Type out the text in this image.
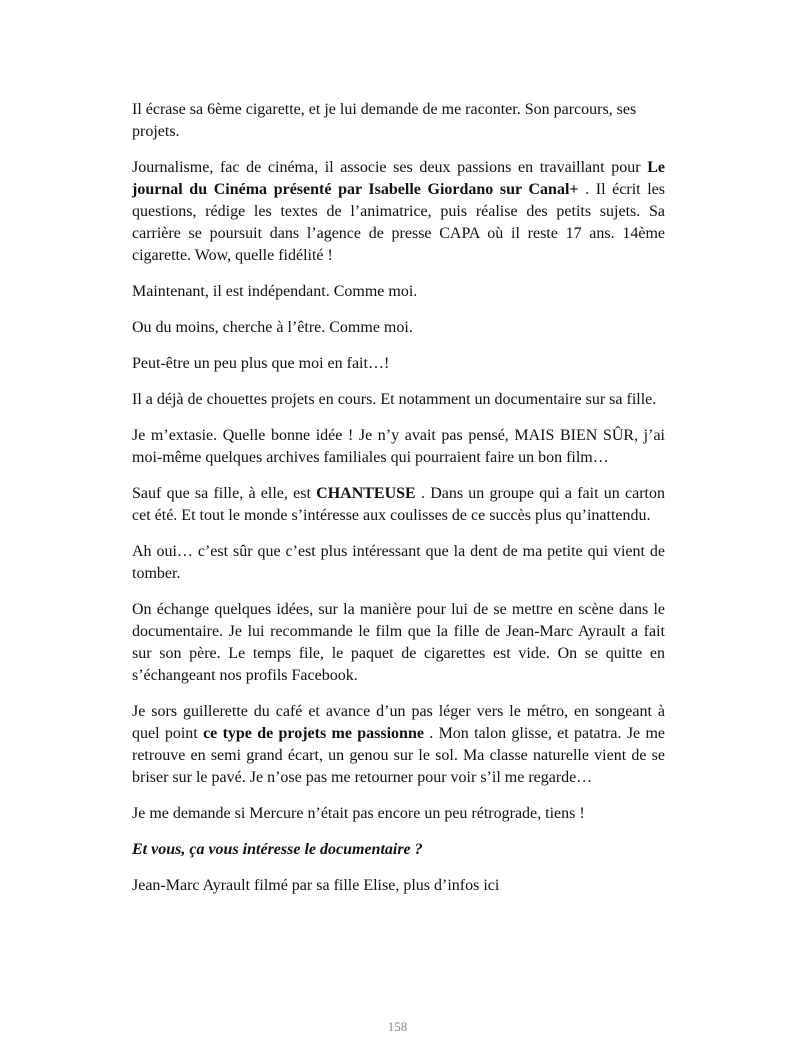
Il écrase sa 6ème cigarette, et je lui demande de me raconter. Son parcours, ses projets.

Journalisme, fac de cinéma, il associe ses deux passions en travaillant pour Le journal du Cinéma présenté par Isabelle Giordano sur Canal+ . Il écrit les questions, rédige les textes de l’animatrice, puis réalise des petits sujets. Sa carrière se poursuit dans l’agence de presse CAPA où il reste 17 ans. 14ème cigarette. Wow, quelle fidélité !

Maintenant, il est indépendant. Comme moi.

Ou du moins, cherche à l’être. Comme moi.

Peut-être un peu plus que moi en fait…!

Il a déjà de chouettes projets en cours. Et notamment un documentaire sur sa fille.

Je m’extasie. Quelle bonne idée ! Je n’y avait pas pensé, MAIS BIEN SÛR, j’ai moi-même quelques archives familiales qui pourraient faire un bon film…

Sauf que sa fille, à elle, est CHANTEUSE . Dans un groupe qui a fait un carton cet été. Et tout le monde s’intéresse aux coulisses de ce succès plus qu’inattendu.

Ah oui… c’est sûr que c’est plus intéressant que la dent de ma petite qui vient de tomber.

On échange quelques idées, sur la manière pour lui de se mettre en scène dans le documentaire. Je lui recommande le film que la fille de Jean-Marc Ayrault a fait sur son père. Le temps file, le paquet de cigarettes est vide. On se quitte en s’échangeant nos profils Facebook.

Je sors guillerette du café et avance d’un pas léger vers le métro, en songeant à quel point ce type de projets me passionne . Mon talon glisse, et patatra. Je me retrouve en semi grand écart, un genou sur le sol. Ma classe naturelle vient de se briser sur le pavé. Je n’ose pas me retourner pour voir s’il me regarde…

Je me demande si Mercure n’était pas encore un peu rétrograde, tiens !

Et vous, ça vous intéresse le documentaire ?

Jean-Marc Ayrault filmé par sa fille Elise, plus d’infos ici

158
